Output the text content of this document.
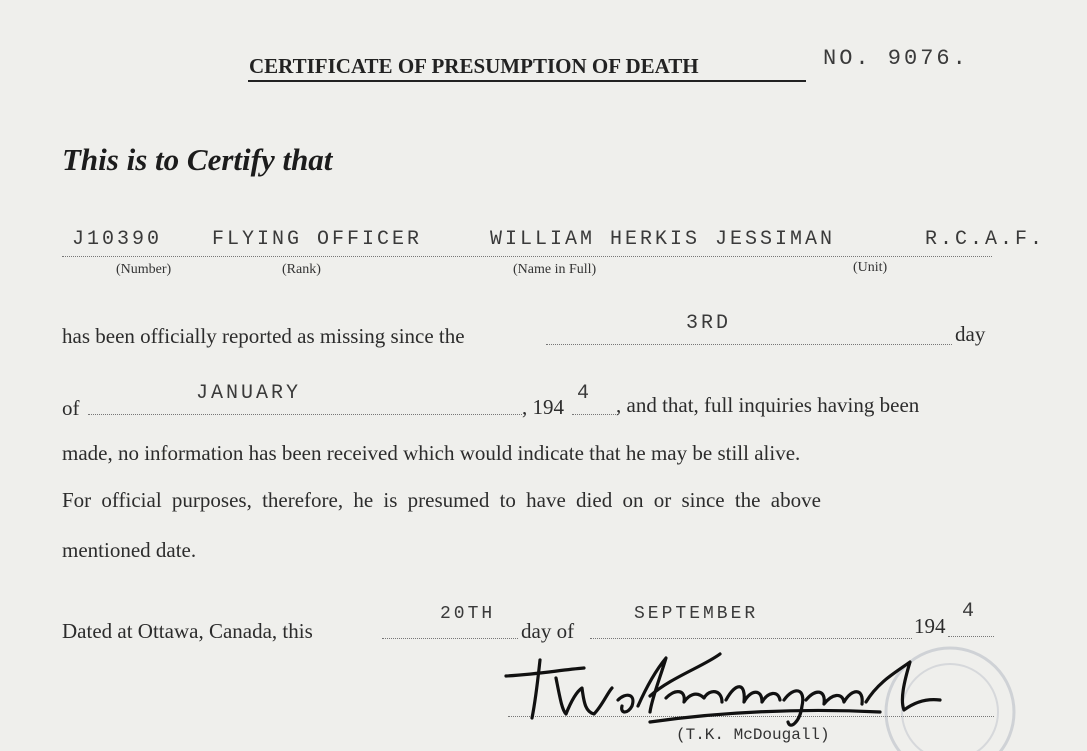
CERTIFICATE OF PRESUMPTION OF DEATH	NO. 9076.
This is to Certify that
J10390 FLYING OFFICER	WILLIAM HERKIS JESSIMAN	R.C.A.F.
(Number)	(Rank)	(Name in Full)	(Unit)
has been officially reported as missing since the
3RD	day
of
JANUARY
, 194
4 , and that, full inquiries having been
made, no information has been received which would indicate that he may be still alive.
For official purposes, therefore, he is presumed to have died on or since the above
mentioned date.
Dated at Ottawa, Canada, this
20TH
day of
SEPTEMBER	194
4
(T.K. McDougall)
